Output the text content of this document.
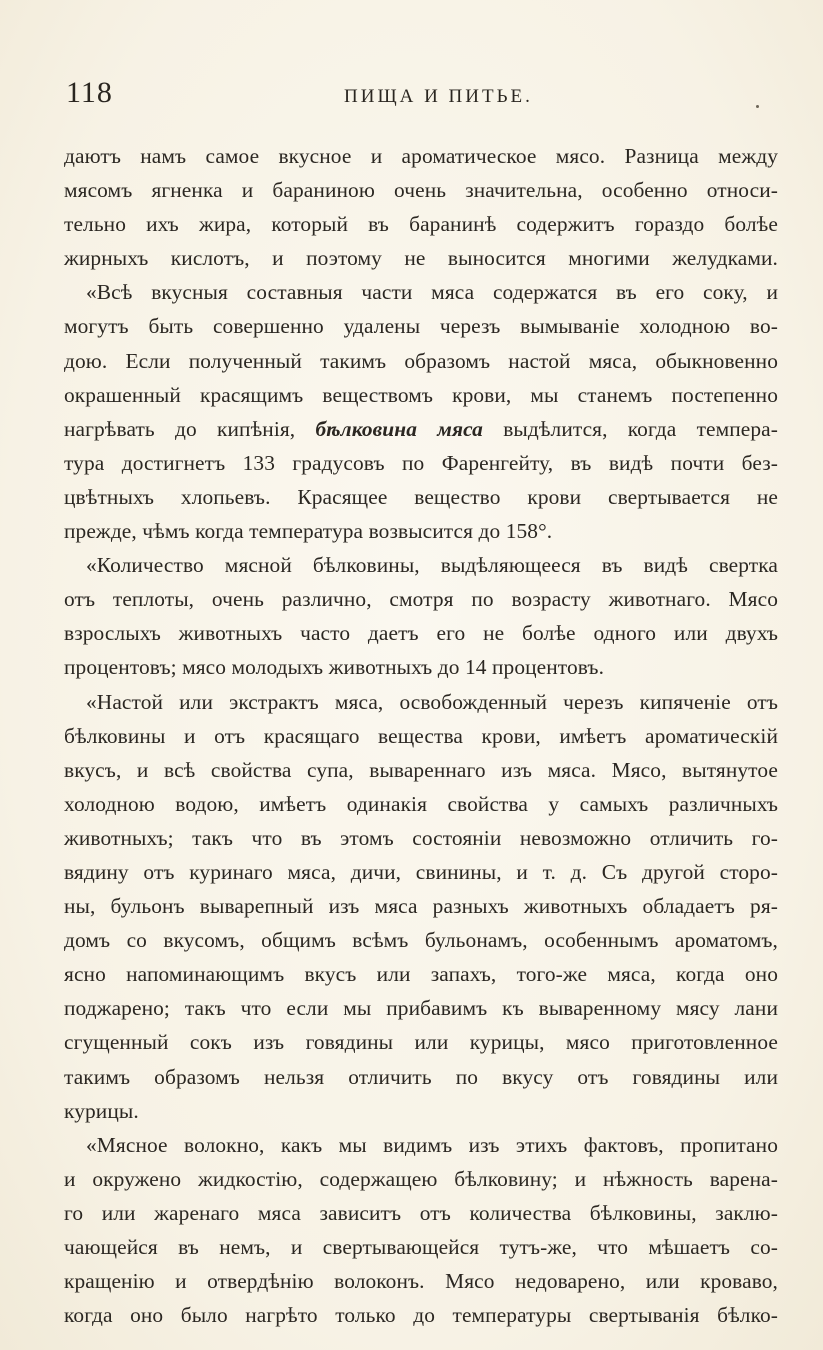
118	ПИЩА И ПИТЬЕ.
даютъ намъ самое вкусное и ароматическое мясо. Разница между
мясомъ ягненка и бараниною очень значительна, особенно относи-
тельно ихъ жира, который въ баранинѣ содержитъ гораздо болѣе
жирныхъ кислотъ, и поэтому не выносится многими желудками.
«Всѣ вкусныя составныя части мяса содержатся въ его соку, и
могутъ быть совершенно удалены черезъ вымываніе холодною во-
дою. Если полученный такимъ образомъ настой мяса, обыкновенно
окрашенный красящимъ веществомъ крови, мы станемъ постепенно
нагрѣвать до кипѣнія, бѣлковина мяса выдѣлится, когда темпера-
тура достигнетъ 133 градусовъ по Фаренгейту, въ видѣ почти без-
цвѣтныхъ хлопьевъ. Красящее вещество крови свертывается не
прежде, чѣмъ когда температура возвысится до 158°.
«Количество мясной бѣлковины, выдѣляющееся въ видѣ свертка
отъ теплоты, очень различно, смотря по возрасту животнаго. Мясо
взрослыхъ животныхъ часто даетъ его не болѣе одного или двухъ
процентовъ; мясо молодыхъ животныхъ до 14 процентовъ.
«Настой или экстрактъ мяса, освобожденный черезъ кипяченіе отъ
бѣлковины и отъ красящаго вещества крови, имѣетъ ароматическій
вкусъ, и всѣ свойства супа, вывареннаго изъ мяса. Мясо, вытянутое
холодною водою, имѣетъ одинакія свойства у самыхъ различныхъ
животныхъ; такъ что въ этомъ состояніи невозможно отличить го-
вядину отъ куринаго мяса, дичи, свинины, и т. д. Съ другой сторо-
ны, бульонъ выварепный изъ мяса разныхъ животныхъ обладаетъ ря-
домъ со вкусомъ, общимъ всѣмъ бульонамъ, особеннымъ ароматомъ,
ясно напоминающимъ вкусъ или запахъ, того-же мяса, когда оно
поджарено; такъ что если мы прибавимъ къ вываренному мясу лани
сгущенный сокъ изъ говядины или курицы, мясо приготовленное
такимъ образомъ нельзя отличить по вкусу отъ говядины или
курицы.
«Мясное волокно, какъ мы видимъ изъ этихъ фактовъ, пропитано
и окружено жидкостію, содержащею бѣлковину; и нѣжность варена-
го или жаренаго мяса зависитъ отъ количества бѣлковины, заклю-
чающейся въ немъ, и свертывающейся тутъ-же, что мѣшаетъ со-
кращенію и отвердѣнію волоконъ. Мясо недоварено, или кроваво,
когда оно было нагрѣто только до температуры свертыванія бѣлко-
